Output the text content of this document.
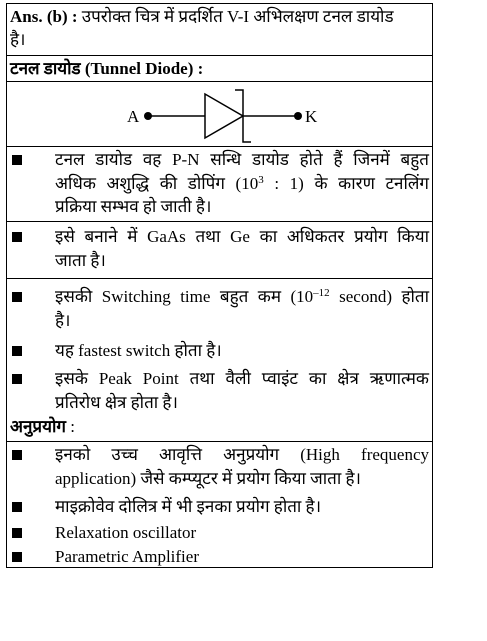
Ans. (b) : उपरोक्त चित्र में प्रदर्शित V-I अभिलक्षण टनल डायोड
है।
टनल डायोड (Tunnel Diode) :
A	K
टनल डायोड वह P-N सन्धि डायोड होते हैं जिनमें बहुत
अधिक अशुद्धि की डोपिंग ($10^3$ : 1) के कारण टनलिंग
प्रक्रिया सम्भव हो जाती है।
इसे बनाने में GaAs तथा Ge का अधिकतर प्रयोग किया
जाता है।
इसकी Switching time बहुत कम ($10^{-12}$ second) होता
है।
यह fastest switch होता है।
इसके Peak Point तथा वैली प्वाइंट का क्षेत्र ऋणात्मक
प्रतिरोध क्षेत्र होता है।
अनुप्रयोग :
इनको उच्च आवृत्ति अनुप्रयोग (High frequency
application) जैसे कम्प्यूटर में प्रयोग किया जाता है।
माइक्रोवेव दोलित्र में भी इनका प्रयोग होता है।
Relaxation oscillator
Parametric Amplifier
